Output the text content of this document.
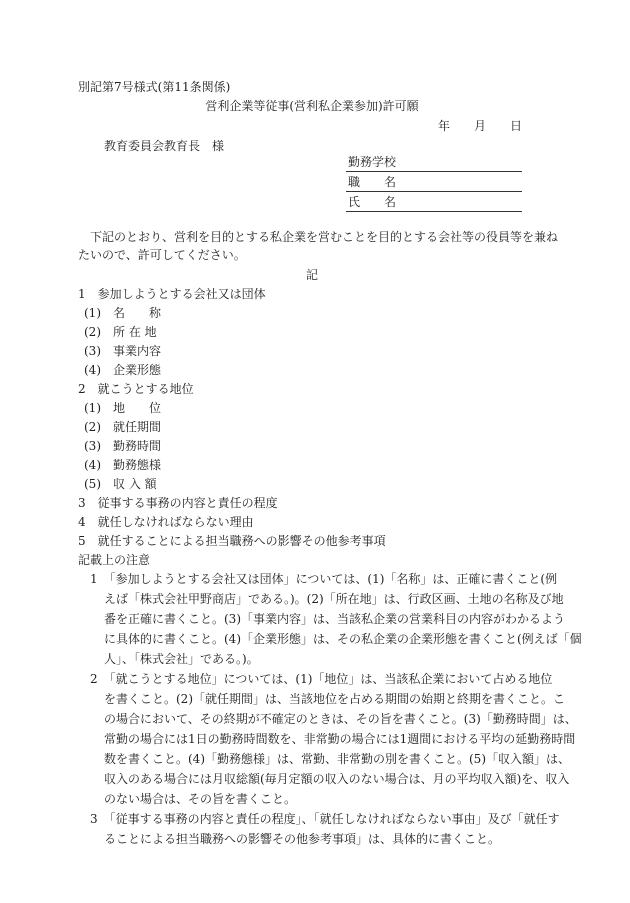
別記第7号様式(第11条関係)
営利企業等従事(営利私企業参加)許可願
年　　月　　日
教育委員会教育長　様
勤務学校
職　　名
氏　　名
　下記のとおり、営利を目的とする私企業を営むことを目的とする会社等の役員等を兼ね
たいので、許可してください。
記
1　参加しようとする会社又は団体
(1)　名　　称
(2)　所 在 地
(3)　事業内容
(4)　企業形態
2　就こうとする地位
(1)　地　　位
(2)　就任期間
(3)　勤務時間
(4)　勤務態様
(5)　収 入 額
3　従事する事務の内容と責任の程度
4　就任しなければならない理由
5　就任することによる担当職務への影響その他参考事項
記載上の注意
1　「参加しようとする会社又は団体」については、(1)「名称」は、正確に書くこと(例
えば「株式会社甲野商店」である。)。(2)「所在地」は、行政区画、土地の名称及び地
番を正確に書くこと。(3)「事業内容」は、当該私企業の営業科目の内容がわかるよう
に具体的に書くこと。(4)「企業形態」は、その私企業の企業形態を書くこと(例えば「個
人」、「株式会社」である。)。
2　「就こうとする地位」については、(1)「地位」は、当該私企業において占める地位
を書くこと。(2)「就任期間」は、当該地位を占める期間の始期と終期を書くこと。こ
の場合において、その終期が不確定のときは、その旨を書くこと。(3)「勤務時間」は、
常勤の場合には1日の勤務時間数を、非常勤の場合には1週間における平均の延勤務時間
数を書くこと。(4)「勤務態様」は、常勤、非常勤の別を書くこと。(5)「収入額」は、
収入のある場合には月収総額(毎月定額の収入のない場合は、月の平均収入額)を、収入
のない場合は、その旨を書くこと。
3　「従事する事務の内容と責任の程度」、「就任しなければならない事由」及び「就任す
ることによる担当職務への影響その他参考事項」は、具体的に書くこと。
